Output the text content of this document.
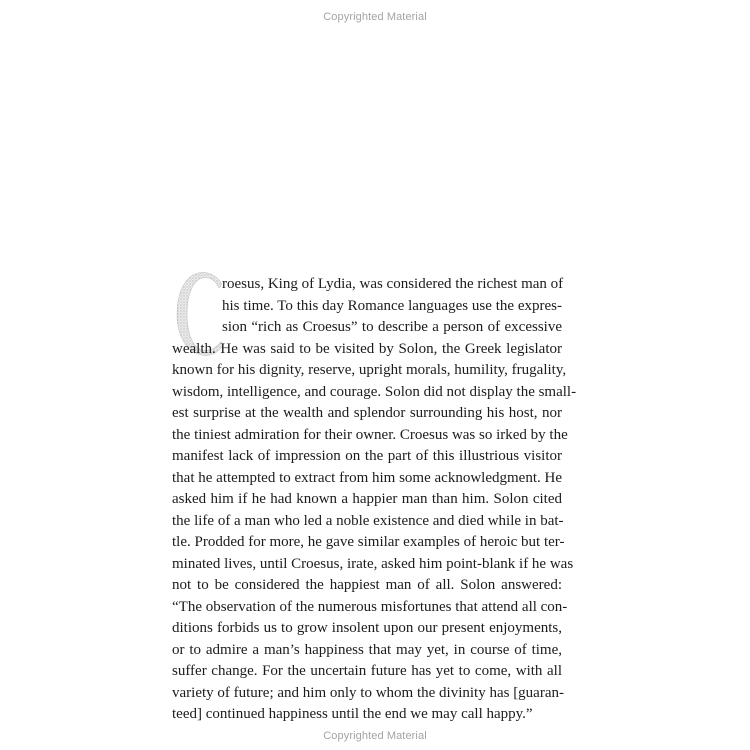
Copyrighted Material
roesus, King of Lydia, was considered the richest man of
his time. To this day Romance languages use the expres-
sion “rich as Croesus” to describe a person of excessive
wealth. He was said to be visited by Solon, the Greek legislator
known for his dignity, reserve, upright morals, humility, frugality,
wisdom, intelligence, and courage. Solon did not display the small-
est surprise at the wealth and splendor surrounding his host, nor
the tiniest admiration for their owner. Croesus was so irked by the
manifest lack of impression on the part of this illustrious visitor
that he attempted to extract from him some acknowledgment. He
asked him if he had known a happier man than him. Solon cited
the life of a man who led a noble existence and died while in bat-
tle. Prodded for more, he gave similar examples of heroic but ter-
minated lives, until Croesus, irate, asked him point-blank if he was
not to be considered the happiest man of all. Solon answered:
“The observation of the numerous misfortunes that attend all con-
ditions forbids us to grow insolent upon our present enjoyments,
or to admire a man’s happiness that may yet, in course of time,
suffer change. For the uncertain future has yet to come, with all
variety of future; and him only to whom the divinity has [guaran-
teed] continued happiness until the end we may call happy.”
Copyrighted Material
